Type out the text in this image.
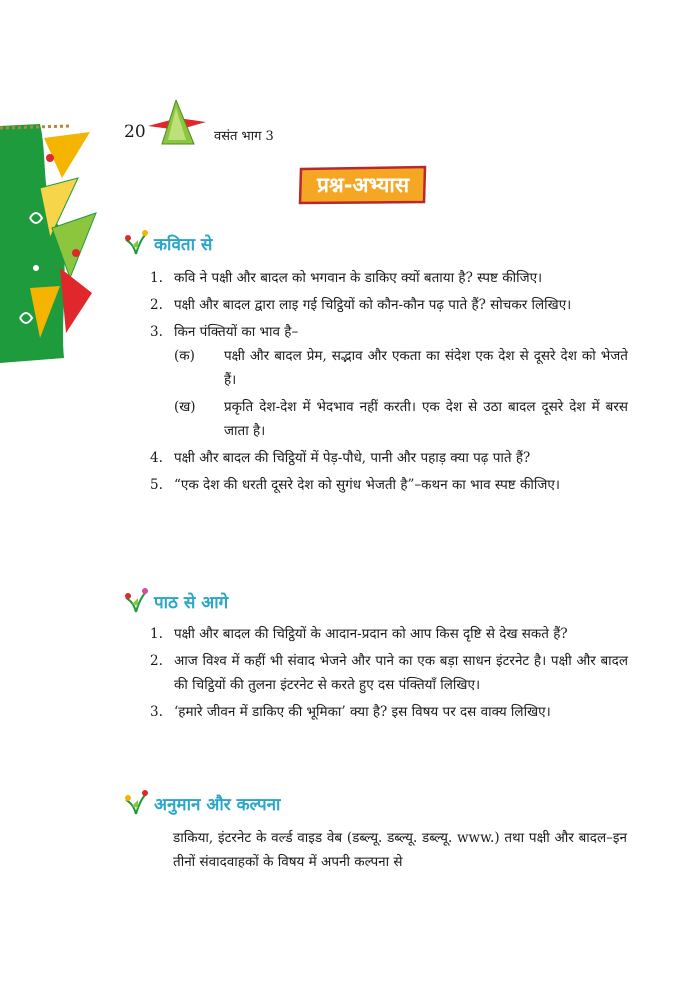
20	वसंत भाग 3
प्रश्न-अभ्यास
कविता से
1. कवि ने पक्षी और बादल को भगवान के डाकिए क्यों बताया है? स्पष्ट कीजिए।
2. पक्षी और बादल द्वारा लाइ गई चिट्ठियों को कौन-कौन पढ़ पाते हैं? सोचकर लिखिए।
3. किन पंक्तियों का भाव है–
(क) पक्षी और बादल प्रेम, सद्भाव और एकता का संदेश एक देश से दूसरे देश को भेजते हैं।
(ख) प्रकृति देश-देश में भेदभाव नहीं करती। एक देश से उठा बादल दूसरे देश में बरस जाता है।
4. पक्षी और बादल की चिट्ठियों में पेड़-पौधे, पानी और पहाड़ क्या पढ़ पाते हैं?
5. “एक देश की धरती दूसरे देश को सुगंध भेजती है”–कथन का भाव स्पष्ट कीजिए।
पाठ से आगे
1. पक्षी और बादल की चिट्ठियों के आदान-प्रदान को आप किस दृष्टि से देख सकते हैं?
2. आज विश्व में कहीं भी संवाद भेजने और पाने का एक बड़ा साधन इंटरनेट है। पक्षी और बादल की चिट्ठियों की तुलना इंटरनेट से करते हुए दस पंक्तियाँ लिखिए।
3. ‘हमारे जीवन में डाकिए की भूमिका’ क्या है? इस विषय पर दस वाक्य लिखिए।
अनुमान और कल्पना

डाकिया, इंटरनेट के वर्ल्ड वाइड वेब (डब्ल्यू. डब्ल्यू. डब्ल्यू. www.) तथा पक्षी और बादल–इन तीनों संवादवाहकों के विषय में अपनी कल्पना से
